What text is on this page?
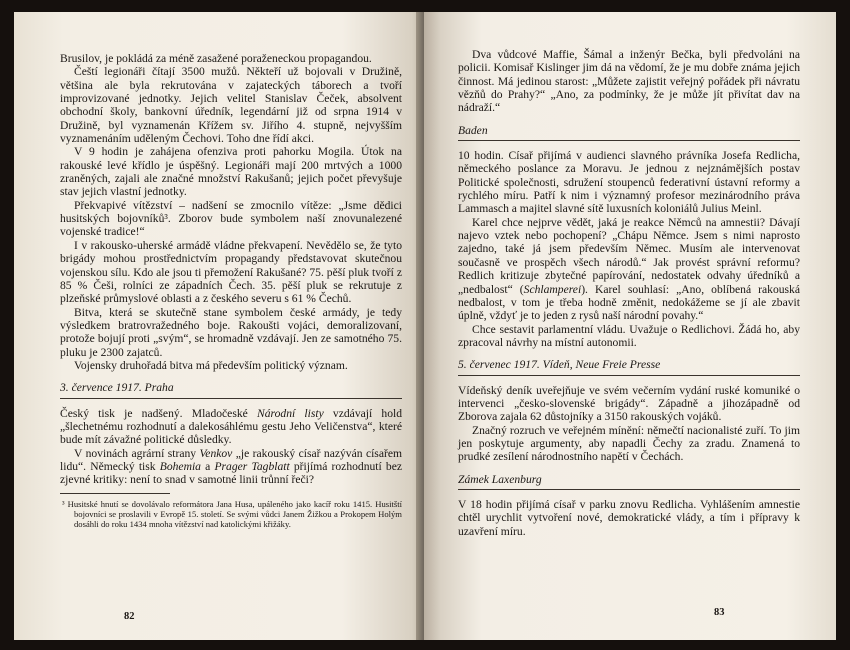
Brusilov, je pokládá za méně zasažené poraženeckou propagandou.

Čeští legionáři čítají 3500 mužů. Někteří už bojovali v Družině, většina ale byla rekrutována v zajateckých táborech a tvoří improvizované jednotky. Jejich velitel Stanislav Čeček, absolvent obchodní školy, bankovní úředník, legendární již od srpna 1914 v Družině, byl vyznamenán Křížem sv. Jiřího 4. stupně, nejvyšším vyznamenáním uděleným Čechovi. Toho dne řídí akci.

V 9 hodin je zahájena ofenziva proti pahorku Mogila. Útok na rakouské levé křídlo je úspěšný. Legionáři mají 200 mrtvých a 1000 zraněných, zajali ale značné množství Rakušanů; jejich počet převyšuje stav jejich vlastní jednotky.

Překvapivé vítězství – nadšení se zmocnilo vítěze: „Jsme dědici husitských bojovníků³. Zborov bude symbolem naší znovunalezené vojenské tradice!“

I v rakousko-uherské armádě vládne překvapení. Nevědělo se, že tyto brigády mohou prostřednictvím propagandy představovat skutečnou vojenskou sílu. Kdo ale jsou ti přemožení Rakušané? 75. pěší pluk tvoří z 85 % Češi, rolníci ze západních Čech. 35. pěší pluk se rekrutuje z plzeňské průmyslové oblasti a z českého severu s 61 % Čechů.

Bitva, která se skutečně stane symbolem české armády, je tedy výsledkem bratrovražedného boje. Rakoušti vojáci, demoralizovaní, protože bojují proti „svým“, se hromadně vzdávají. Jen ze samotného 75. pluku je 2300 zajatců.

Vojensky druhořadá bitva má především politický význam.

3. července 1917. Praha

Český tisk je nadšený. Mladočeské Národní listy vzdávají hold „šlechetnému rozhodnutí a dalekosáhlému gestu Jeho Veličenstva“, které bude mít závažné politické důsledky.

V novinách agrární strany Venkov „je rakouský císař nazýván císařem lidu“. Německý tisk Bohemia a Prager Tagblatt přijímá rozhodnutí bez zjevné kritiky: není to snad v samotné linii trůnní řeči?

³ Husitské hnutí se dovolávalo reformátora Jana Husa, upáleného jako kacíř roku 1415. Husitští bojovníci se proslavili v Evropě 15. století. Se svými vůdci Janem Žižkou a Prokopem Holým dosáhli do roku 1434 mnoha vítězství nad katolickými křižáky.
82

Dva vůdcové Maffie, Šámal a inženýr Bečka, byli předvoláni na policii. Komisař Kislinger jim dá na vědomí, že je mu dobře známa jejich činnost. Má jedinou starost: „Můžete zajistit veřejný pořádek při návratu vězňů do Prahy?“ „Ano, za podmínky, že je může jít přivítat dav na nádraží.“

Baden

10 hodin. Císař přijímá v audienci slavného právníka Josefa Redlicha, německého poslance za Moravu. Je jednou z nejznámějších postav Politické společnosti, sdružení stoupenců federativní ústavní reformy a rychlého míru. Patří k nim i významný profesor mezinárodního práva Lammasch a majitel slavné sítě luxusních koloniálů Julius Meinl.

Karel chce nejprve vědět, jaká je reakce Němců na amnestii? Dávají najevo vztek nebo pochopení? „Chápu Němce. Jsem s nimi naprosto zajedno, také já jsem především Němec. Musím ale intervenovat současně ve prospěch všech národů.“ Jak provést správní reformu? Redlich kritizuje zbytečné papírování, nedostatek odvahy úředníků a „nedbalost“ (Schlamperei). Karel souhlasí: „Ano, oblíbená rakouská nedbalost, v tom je třeba hodně změnit, nedokážeme se jí ale zbavit úplně, vždyť je to jeden z rysů naší národní povahy.“

Chce sestavit parlamentní vládu. Uvažuje o Redlichovi. Žádá ho, aby zpracoval návrhy na místní autonomii.

5. červenec 1917. Vídeň, Neue Freie Presse

Vídeňský deník uveřejňuje ve svém večerním vydání ruské komuniké o intervenci „česko-slovenské brigády“. Západně a jihozápadně od Zborova zajala 62 důstojníky a 3150 rakouských vojáků.

Značný rozruch ve veřejném mínění: němečtí nacionalisté zuří. To jim jen poskytuje argumenty, aby napadli Čechy za zradu. Znamená to prudké zesílení národnostního napětí v Čechách.

Zámek Laxenburg

V 18 hodin přijímá císař v parku znovu Redlicha. Vyhlášením amnestie chtěl urychlit vytvoření nové, demokratické vlády, a tím i přípravy k uzavření míru.

83
